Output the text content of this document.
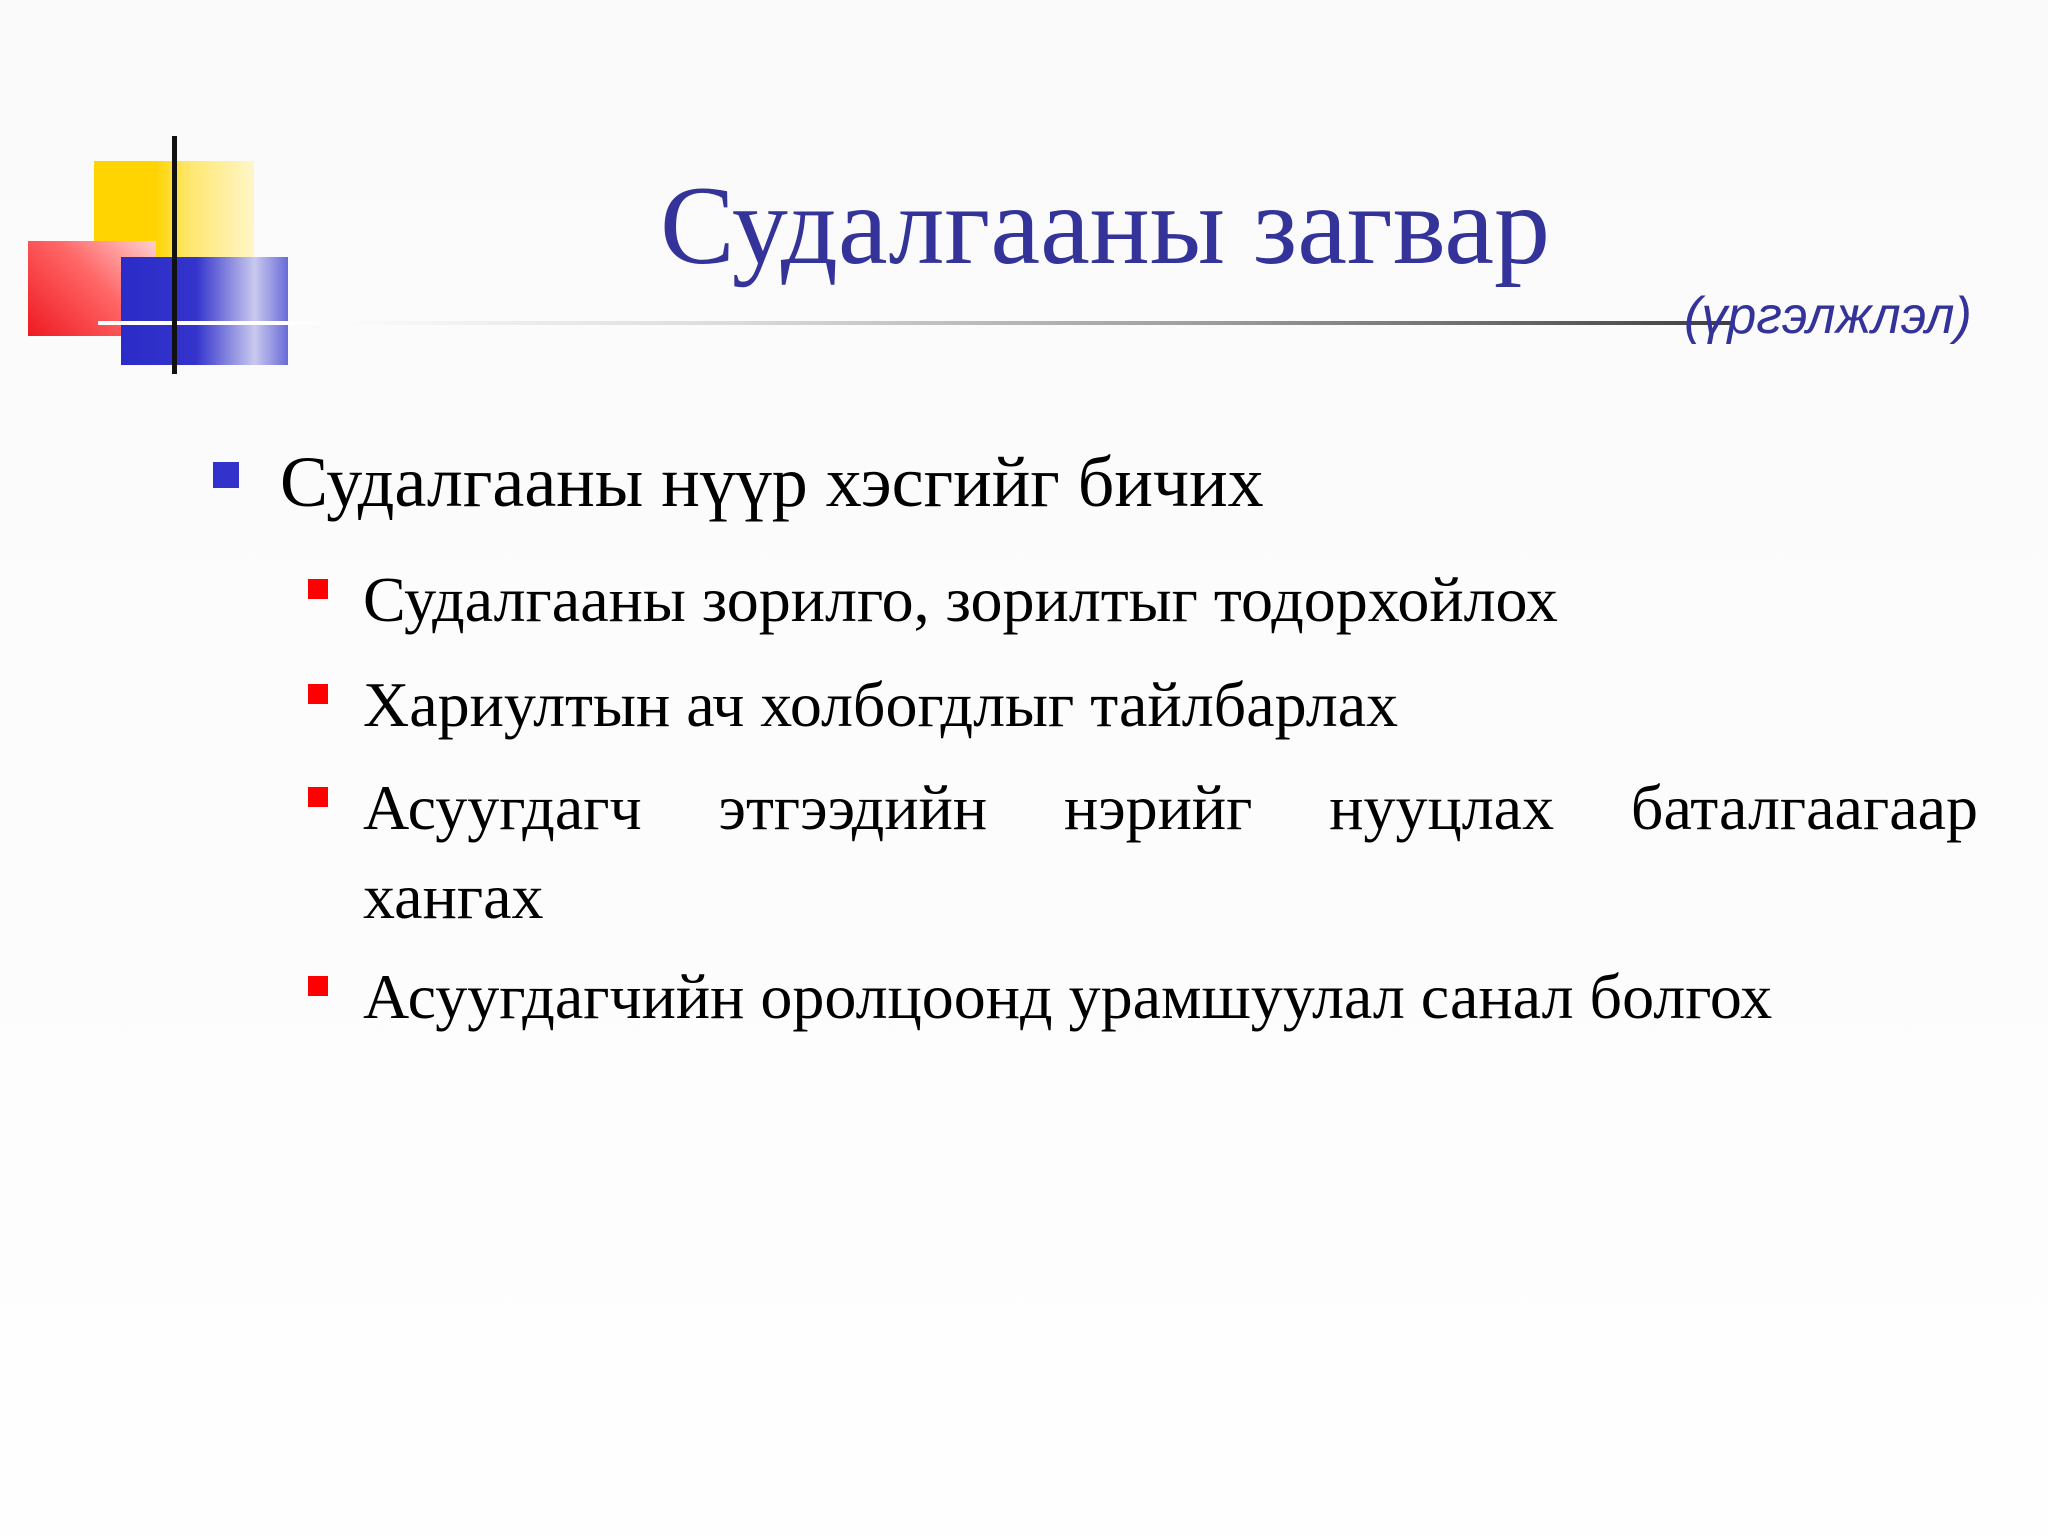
Судалгааны загвар
(үргэлжлэл)
Судалгааны нүүр хэсгийг бичих
Судалгааны зорилго, зорилтыг тодорхойлох
Хариултын ач холбогдлыг тайлбарлах
Асуугдагч этгээдийн нэрийг нууцлах баталгаагаар
хангах
Асуугдагчийн оролцоонд урамшуулал санал болгох
